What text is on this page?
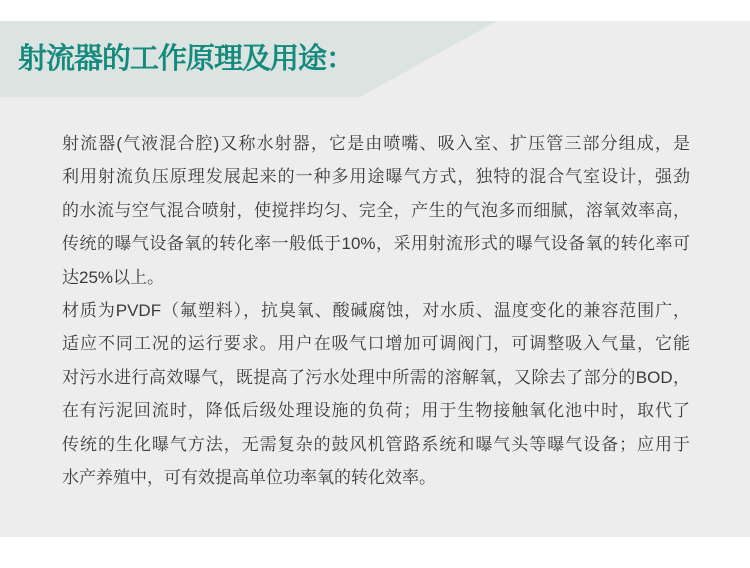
射流器的工作原理及用途：
射流器(气液混合腔)又称水射器，它是由喷嘴、吸入室、扩压管三部分组成，是
利用射流负压原理发展起来的一种多用途曝气方式，独特的混合气室设计，强劲
的水流与空气混合喷射，使搅拌均匀、完全，产生的气泡多而细腻，溶氧效率高，
传统的曝气设备氧的转化率一般低于10%，采用射流形式的曝气设备氧的转化率可
达25%以上。
材质为PVDF（氟塑料），抗臭氧、酸碱腐蚀，对水质、温度变化的兼容范围广，
适应不同工况的运行要求。用户在吸气口增加可调阀门，可调整吸入气量，它能
对污水进行高效曝气，既提高了污水处理中所需的溶解氧，又除去了部分的BOD，
在有污泥回流时，降低后级处理设施的负荷；用于生物接触氧化池中时，取代了
传统的生化曝气方法，无需复杂的鼓风机管路系统和曝气头等曝气设备；应用于
水产养殖中，可有效提高单位功率氧的转化效率。
